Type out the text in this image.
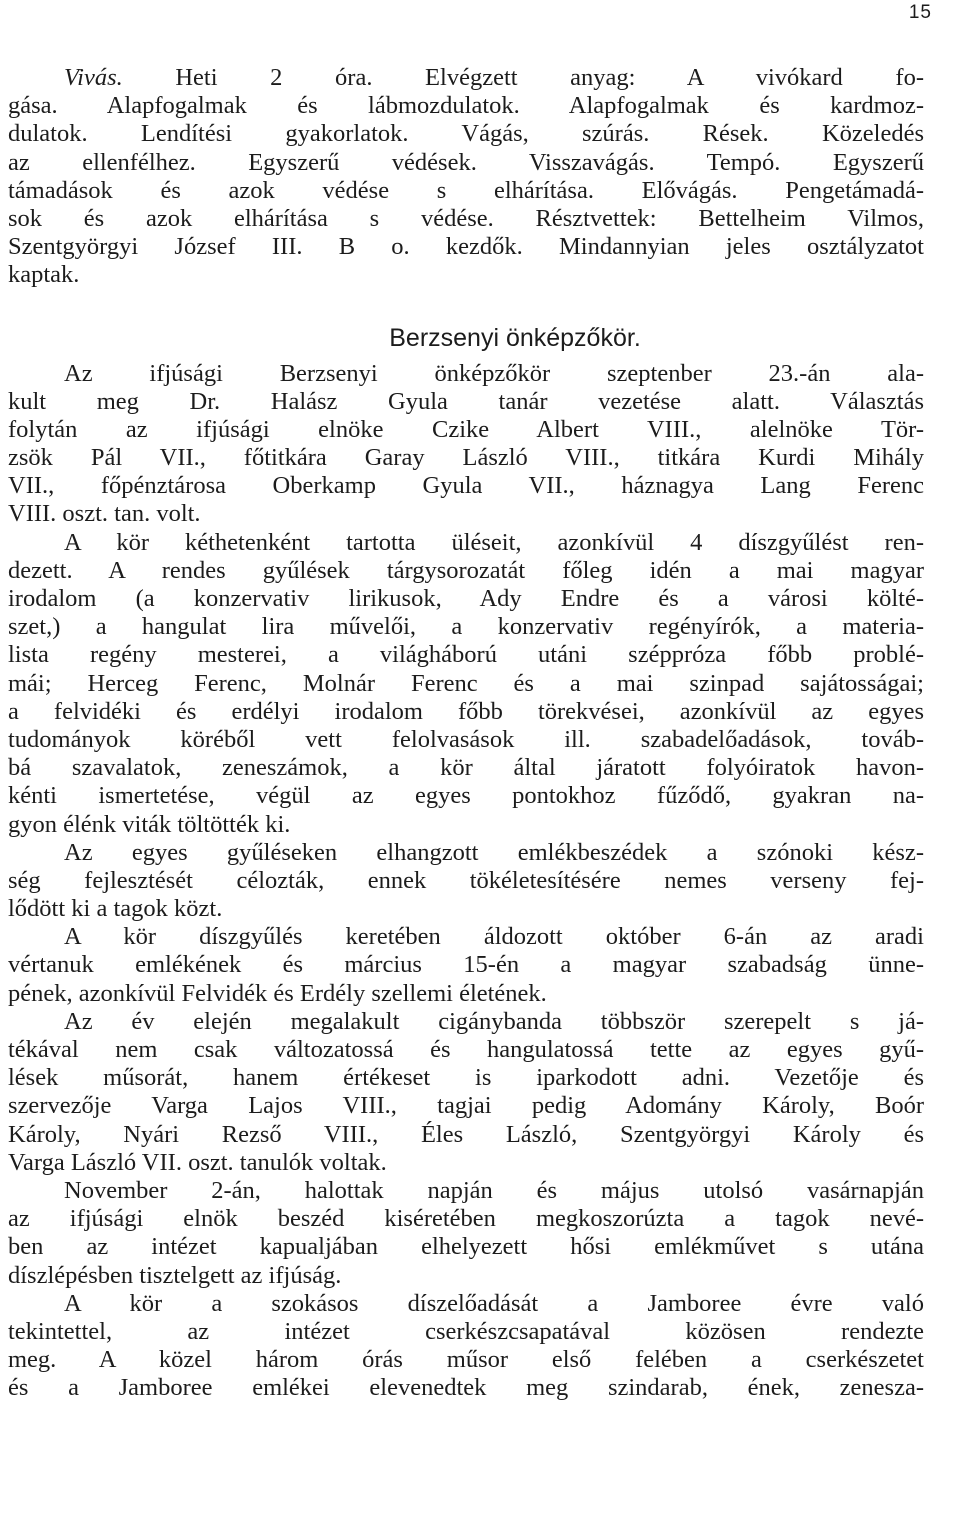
15
Vivás. Heti 2 óra. Elvégzett anyag: A vivókard fo-
gása. Alapfogalmak és lábmozdulatok. Alapfogalmak és kardmoz-
dulatok. Lendítési gyakorlatok. Vágás, szúrás. Rések. Közeledés
az ellenfélhez. Egyszerű védések. Visszavágás. Tempó. Egyszerű
támadások és azok védése s elhárítása. Elővágás. Pengetámadá-
sok és azok elhárítása s védése. Résztvettek: Bettelheim Vilmos,
Szentgyörgyi József III. B o. kezdők. Mindannyian jeles osztályzatot
kaptak.
Berzsenyi önképzőkör.
Az ifjúsági Berzsenyi önképzőkör szeptenber 23.-án ala-
kult meg Dr. Halász Gyula tanár vezetése alatt. Választás
folytán az ifjúsági elnöke Czike Albert VIII., alelnöke Tör-
zsök Pál VII., főtitkára Garay László VIII., titkára Kurdi Mihály
VII., főpénztárosa Oberkamp Gyula VII., háznagya Lang Ferenc
VIII. oszt. tan. volt.
A kör kéthetenként tartotta üléseit, azonkívül 4 díszgyűlést ren-
dezett. A rendes gyűlések tárgysorozatát főleg idén a mai magyar
irodalom (a konzervativ lirikusok, Ady Endre és a városi költé-
szet,) a hangulat lira művelői, a konzervativ regényírók, a materia-
lista regény mesterei, a világháború utáni széppróza főbb problé-
mái; Herceg Ferenc, Molnár Ferenc és a mai szinpad sajátosságai;
a felvidéki és erdélyi irodalom főbb törekvései, azonkívül az egyes
tudományok köréből vett felolvasások ill. szabadelőadások, továb-
bá szavalatok, zeneszámok, a kör által járatott folyóiratok havon-
kénti ismertetése, végül az egyes pontokhoz fűződő, gyakran na-
gyon élénk viták töltötték ki.
Az egyes gyűléseken elhangzott emlékbeszédek a szónoki kész-
ség fejlesztését célozták, ennek tökéletesítésére nemes verseny fej-
lődött ki a tagok közt.
A kör díszgyűlés keretében áldozott október 6-án az aradi
vértanuk emlékének és március 15-én a magyar szabadság ünne-
pének, azonkívül Felvidék és Erdély szellemi életének.
Az év elején megalakult cigánybanda többször szerepelt s já-
tékával nem csak változatossá és hangulatossá tette az egyes gyű-
lések műsorát, hanem értékeset is iparkodott adni. Vezetője és
szervezője Varga Lajos VIII., tagjai pedig Adomány Károly, Boór
Károly, Nyári Rezső VIII., Éles László, Szentgyörgyi Károly és
Varga László VII. oszt. tanulók voltak.
November 2-án, halottak napján és május utolsó vasárnapján
az ifjúsági elnök beszéd kiséretében megkoszorúzta a tagok nevé-
ben az intézet kapualjában elhelyezett hősi emlékművet s utána
díszlépésben tisztelgett az ifjúság.
A kör a szokásos díszelőadását a Jamboree évre való
tekintettel, az intézet cserkészcsapatával közösen rendezte
meg. A közel három órás műsor első felében a cserkészetet
és a Jamboree emlékei elevenedtek meg szindarab, ének, zenesza-
